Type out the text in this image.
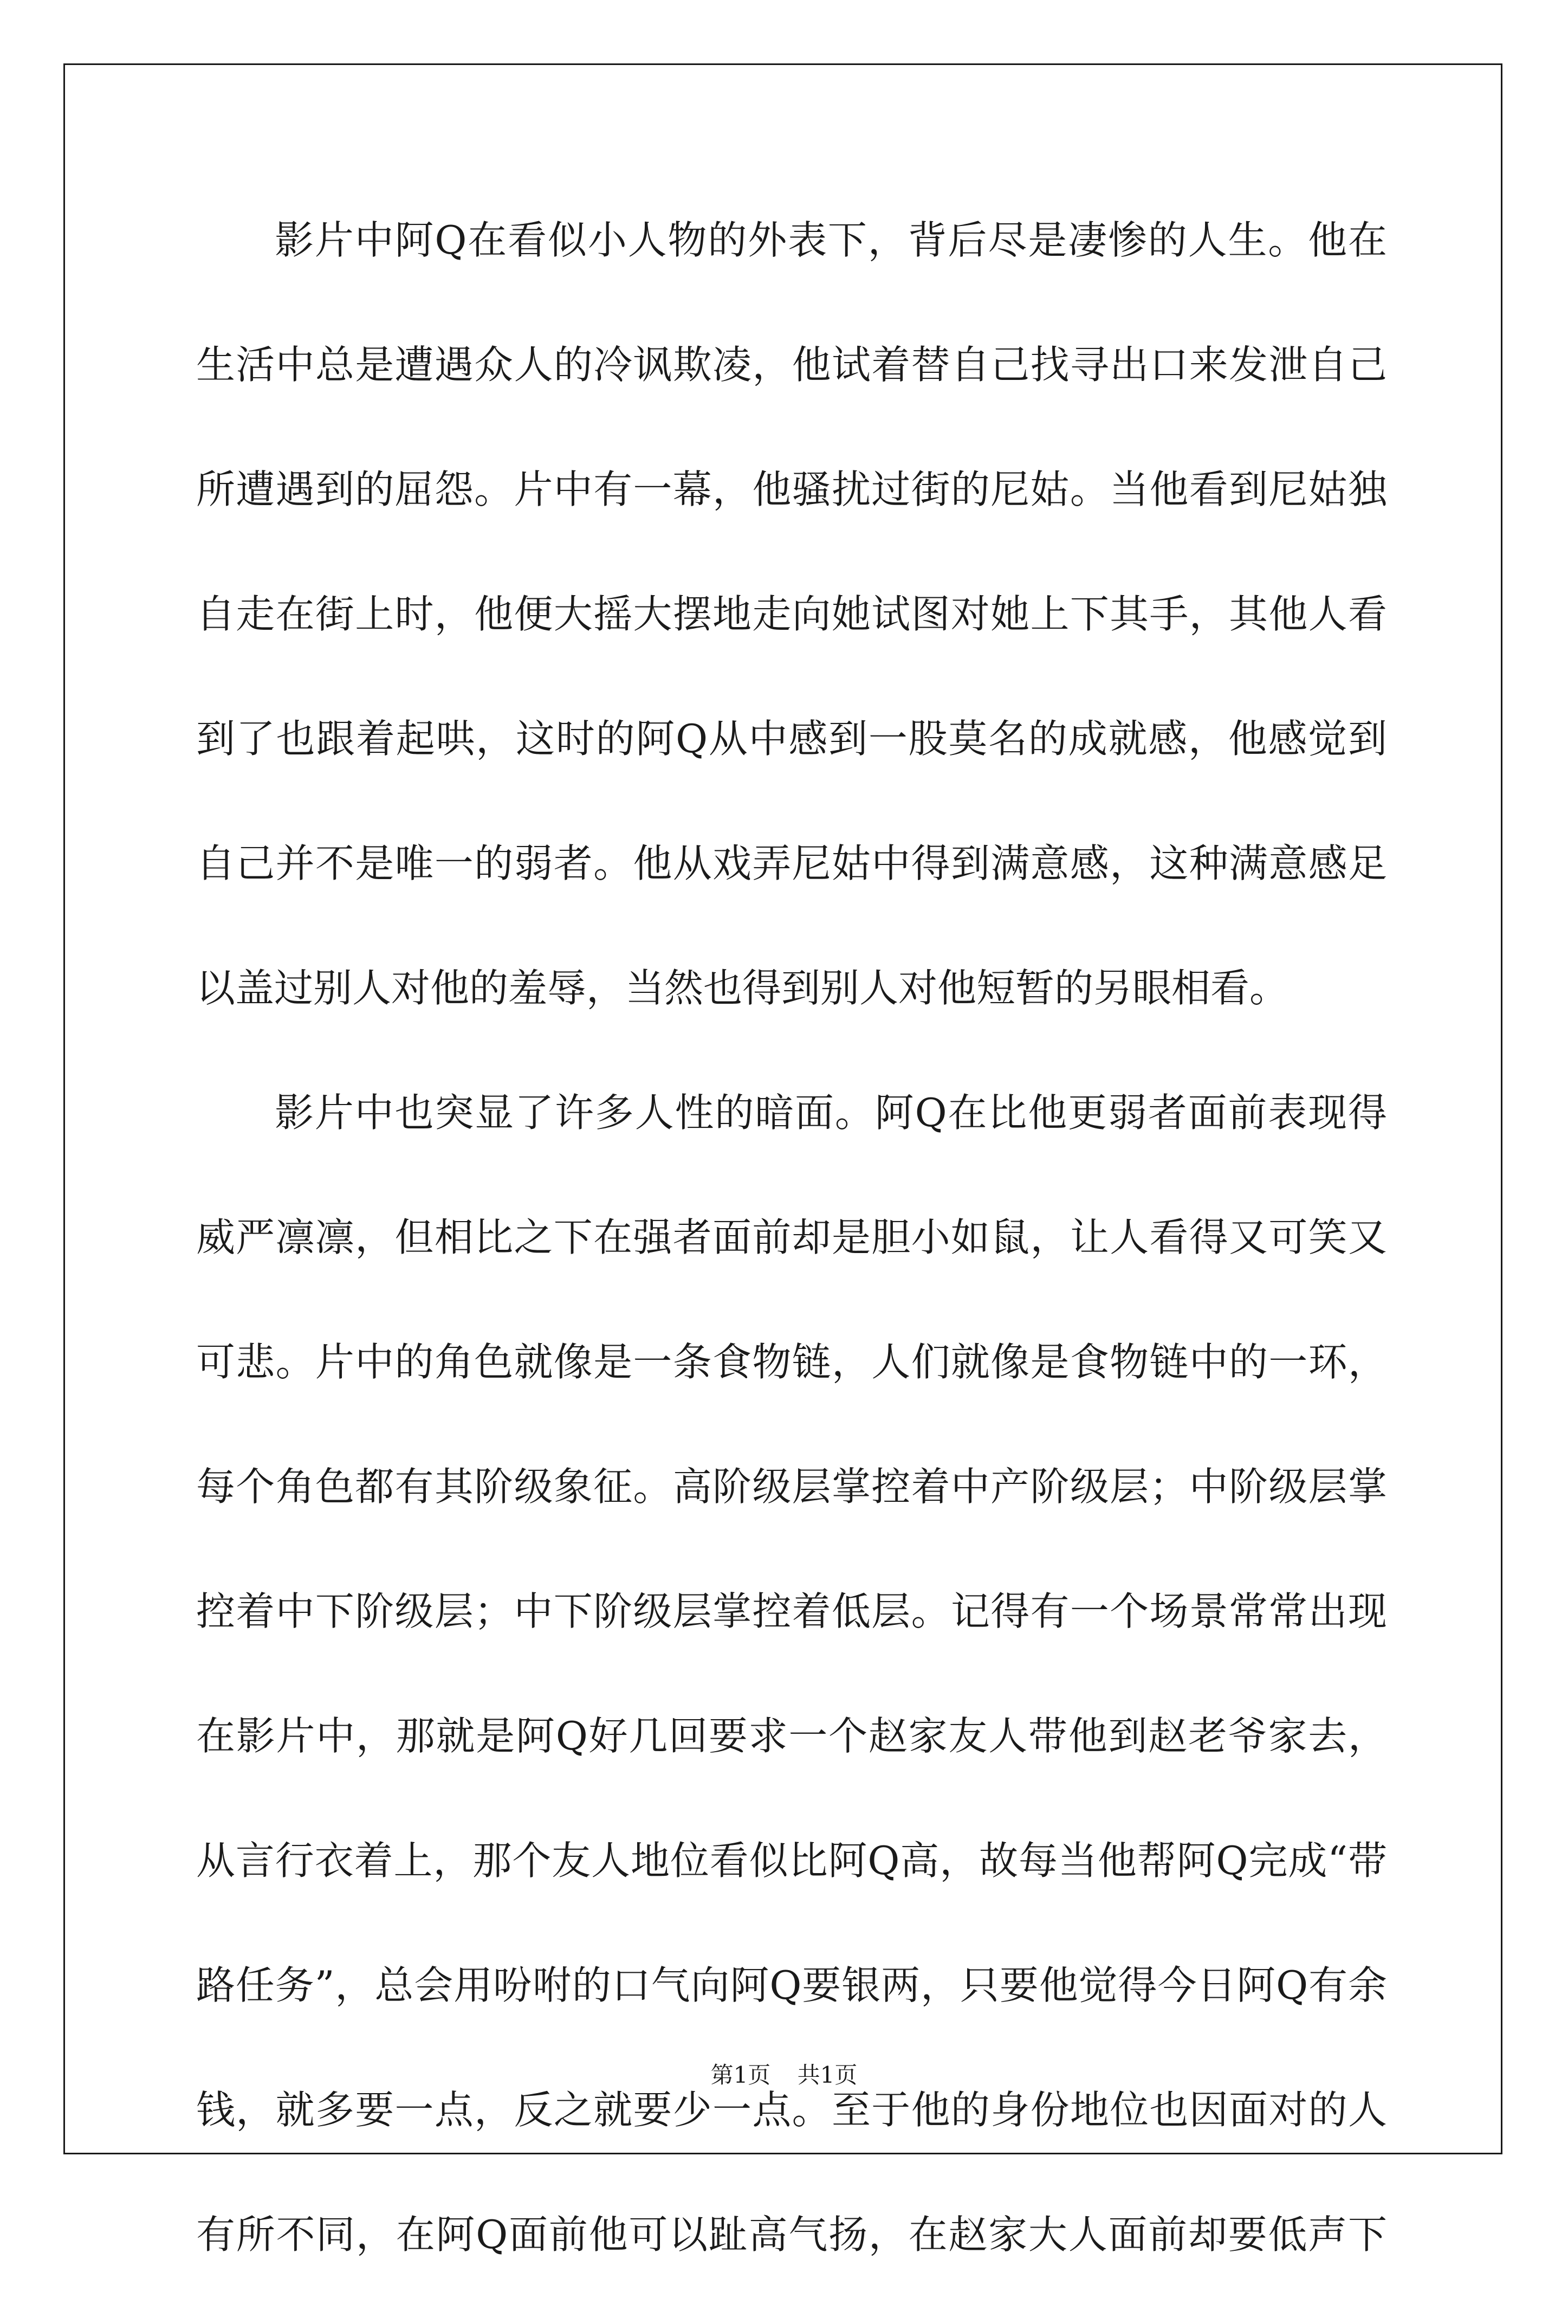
影片中阿Q在看似小人物的外表下，背后尽是凄惨的人生。他在
生活中总是遭遇众人的冷讽欺凌，他试着替自己找寻出口来发泄自己
所遭遇到的屈怨。片中有一幕，他骚扰过街的尼姑。当他看到尼姑独
自走在街上时，他便大摇大摆地走向她试图对她上下其手，其他人看
到了也跟着起哄，这时的阿Q从中感到一股莫名的成就感，他感觉到
自己并不是唯一的弱者。他从戏弄尼姑中得到满意感，这种满意感足
以盖过别人对他的羞辱，当然也得到别人对他短暂的另眼相看。
影片中也突显了许多人性的暗面。阿Q在比他更弱者面前表现得
威严凛凛，但相比之下在强者面前却是胆小如鼠，让人看得又可笑又
可悲。片中的角色就像是一条食物链，人们就像是食物链中的一环，
每个角色都有其阶级象征。高阶级层掌控着中产阶级层；中阶级层掌
控着中下阶级层；中下阶级层掌控着低层。记得有一个场景常常出现
在影片中，那就是阿Q好几回要求一个赵家友人带他到赵老爷家去，
从言行衣着上，那个友人地位看似比阿Q高，故每当他帮阿Q完成“带
路任务”，总会用吩咐的口气向阿Q要银两，只要他觉得今日阿Q有余
钱，就多要一点，反之就要少一点。至于他的身份地位也因面对的人
有所不同，在阿Q面前他可以趾高气扬，在赵家大人面前却要低声下
第1页 共1页
